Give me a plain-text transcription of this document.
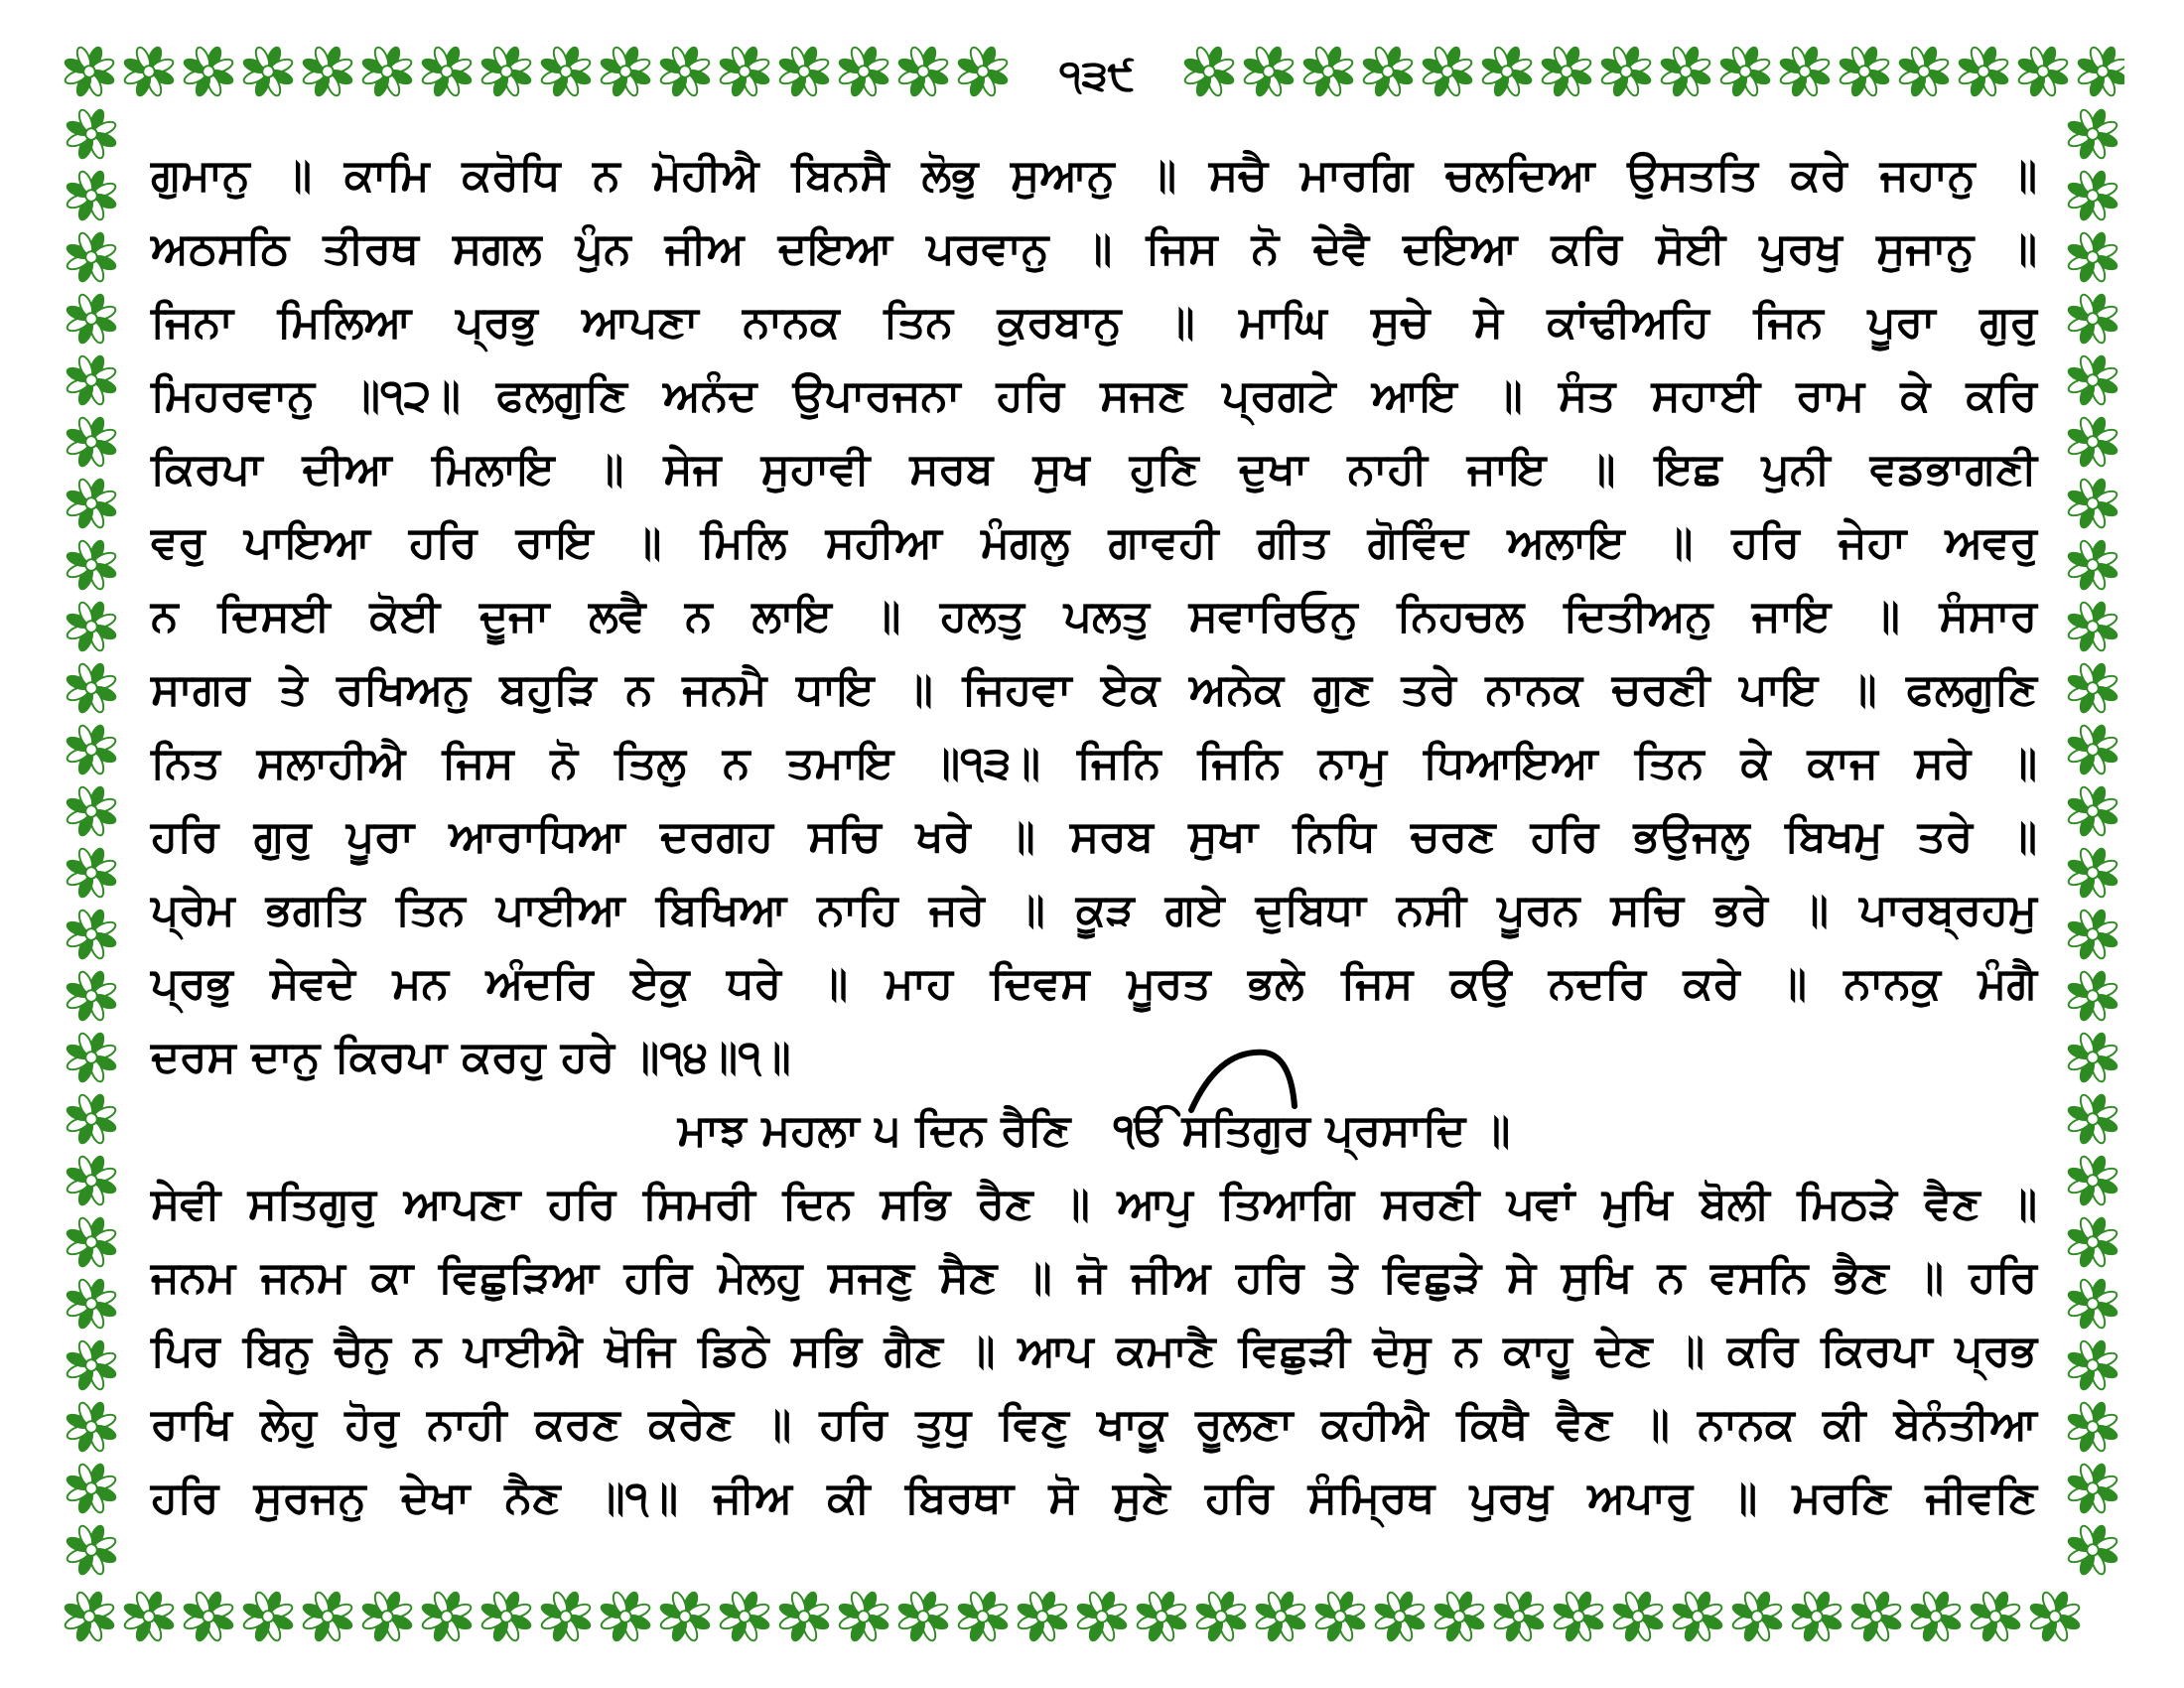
੧੩੯
ਗੁਮਾਨੁ ॥ ਕਾਮਿ ਕਰੋਧਿ ਨ ਮੋਹੀਐ ਬਿਨਸੈ ਲੋਭੁ ਸੁਆਨੁ ॥ ਸਚੈ ਮਾਰਗਿ ਚਲਦਿਆ ਉਸਤਤਿ ਕਰੇ ਜਹਾਨੁ ॥
ਅਠਸਠਿ ਤੀਰਥ ਸਗਲ ਪੁੰਨ ਜੀਅ ਦਇਆ ਪਰਵਾਨੁ ॥ ਜਿਸ ਨੋ ਦੇਵੈ ਦਇਆ ਕਰਿ ਸੋਈ ਪੁਰਖੁ ਸੁਜਾਨੁ ॥
ਜਿਨਾ ਮਿਲਿਆ ਪ੍ਰਭੁ ਆਪਣਾ ਨਾਨਕ ਤਿਨ ਕੁਰਬਾਨੁ ॥ ਮਾਘਿ ਸੁਚੇ ਸੇ ਕਾਂਢੀਅਹਿ ਜਿਨ ਪੂਰਾ ਗੁਰੁ
ਮਿਹਰਵਾਨੁ ॥੧੨॥ ਫਲਗੁਣਿ ਅਨੰਦ ਉਪਾਰਜਨਾ ਹਰਿ ਸਜਣ ਪ੍ਰਗਟੇ ਆਇ ॥ ਸੰਤ ਸਹਾਈ ਰਾਮ ਕੇ ਕਰਿ
ਕਿਰਪਾ ਦੀਆ ਮਿਲਾਇ ॥ ਸੇਜ ਸੁਹਾਵੀ ਸਰਬ ਸੁਖ ਹੁਣਿ ਦੁਖਾ ਨਾਹੀ ਜਾਇ ॥ ਇਛ ਪੁਨੀ ਵਡਭਾਗਣੀ
ਵਰੁ ਪਾਇਆ ਹਰਿ ਰਾਇ ॥ ਮਿਲਿ ਸਹੀਆ ਮੰਗਲੁ ਗਾਵਹੀ ਗੀਤ ਗੋਵਿੰਦ ਅਲਾਇ ॥ ਹਰਿ ਜੇਹਾ ਅਵਰੁ
ਨ ਦਿਸਈ ਕੋਈ ਦੂਜਾ ਲਵੈ ਨ ਲਾਇ ॥ ਹਲਤੁ ਪਲਤੁ ਸਵਾਰਿਓਨੁ ਨਿਹਚਲ ਦਿਤੀਅਨੁ ਜਾਇ ॥ ਸੰਸਾਰ
ਸਾਗਰ ਤੇ ਰਖਿਅਨੁ ਬਹੁੜਿ ਨ ਜਨਮੈ ਧਾਇ ॥ ਜਿਹਵਾ ਏਕ ਅਨੇਕ ਗੁਣ ਤਰੇ ਨਾਨਕ ਚਰਣੀ ਪਾਇ ॥ ਫਲਗੁਣਿ
ਨਿਤ ਸਲਾਹੀਐ ਜਿਸ ਨੋ ਤਿਲੁ ਨ ਤਮਾਇ ॥੧੩॥ ਜਿਨਿ ਜਿਨਿ ਨਾਮੁ ਧਿਆਇਆ ਤਿਨ ਕੇ ਕਾਜ ਸਰੇ ॥
ਹਰਿ ਗੁਰੁ ਪੂਰਾ ਆਰਾਧਿਆ ਦਰਗਹ ਸਚਿ ਖਰੇ ॥ ਸਰਬ ਸੁਖਾ ਨਿਧਿ ਚਰਣ ਹਰਿ ਭਉਜਲੁ ਬਿਖਮੁ ਤਰੇ ॥
ਪ੍ਰੇਮ ਭਗਤਿ ਤਿਨ ਪਾਈਆ ਬਿਖਿਆ ਨਾਹਿ ਜਰੇ ॥ ਕੂੜ ਗਏ ਦੁਬਿਧਾ ਨਸੀ ਪੂਰਨ ਸਚਿ ਭਰੇ ॥ ਪਾਰਬ੍ਰਹਮੁ
ਪ੍ਰਭੁ ਸੇਵਦੇ ਮਨ ਅੰਦਰਿ ਏਕੁ ਧਰੇ ॥ ਮਾਹ ਦਿਵਸ ਮੂਰਤ ਭਲੇ ਜਿਸ ਕਉ ਨਦਰਿ ਕਰੇ ॥ ਨਾਨਕੁ ਮੰਗੈ
ਦਰਸ ਦਾਨੁ ਕਿਰਪਾ ਕਰਹੁ ਹਰੇ ॥੧੪॥੧॥
ਮਾਝ ਮਹਲਾ ੫ ਦਿਨ ਰੈਣਿ ੴ ਸਤਿਗੁਰ ਪ੍ਰਸਾਦਿ ॥
ਸੇਵੀ ਸਤਿਗੁਰੁ ਆਪਣਾ ਹਰਿ ਸਿਮਰੀ ਦਿਨ ਸਭਿ ਰੈਣ ॥ ਆਪੁ ਤਿਆਗਿ ਸਰਣੀ ਪਵਾਂ ਮੁਖਿ ਬੋਲੀ ਮਿਠੜੇ ਵੈਣ ॥
ਜਨਮ ਜਨਮ ਕਾ ਵਿਛੁੜਿਆ ਹਰਿ ਮੇਲਹੁ ਸਜਣੁ ਸੈਣ ॥ ਜੋ ਜੀਅ ਹਰਿ ਤੇ ਵਿਛੁੜੇ ਸੇ ਸੁਖਿ ਨ ਵਸਨਿ ਭੈਣ ॥ ਹਰਿ
ਪਿਰ ਬਿਨੁ ਚੈਨੁ ਨ ਪਾਈਐ ਖੋਜਿ ਡਿਠੇ ਸਭਿ ਗੈਣ ॥ ਆਪ ਕਮਾਣੈ ਵਿਛੁੜੀ ਦੋਸੁ ਨ ਕਾਹੂ ਦੇਣ ॥ ਕਰਿ ਕਿਰਪਾ ਪ੍ਰਭ
ਰਾਖਿ ਲੇਹੁ ਹੋਰੁ ਨਾਹੀ ਕਰਣ ਕਰੇਣ ॥ ਹਰਿ ਤੁਧੁ ਵਿਣੁ ਖਾਕੂ ਰੂਲਣਾ ਕਹੀਐ ਕਿਥੈ ਵੈਣ ॥ ਨਾਨਕ ਕੀ ਬੇਨੰਤੀਆ
ਹਰਿ ਸੁਰਜਨੁ ਦੇਖਾ ਨੈਣ ॥੧॥ ਜੀਅ ਕੀ ਬਿਰਥਾ ਸੋ ਸੁਣੇ ਹਰਿ ਸੰਮ੍ਰਿਥ ਪੁਰਖੁ ਅਪਾਰੁ ॥ ਮਰਣਿ ਜੀਵਣਿ
